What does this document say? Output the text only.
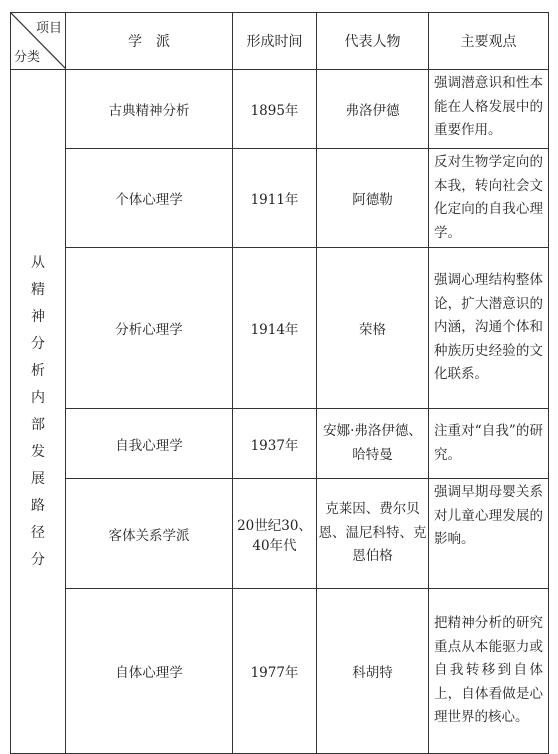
项目
分类	学　派	形成时间	代表人物	主要观点
从精神分析内部发展路径分	古典精神分析	1895年	弗洛伊德	强调潜意识和性本能在人格发展中的重要作用。
	个体心理学	1911年	阿德勒	反对生物学定向的本我，转向社会文化定向的自我心理学。
	分析心理学	1914年	荣格	强调心理结构整体论，扩大潜意识的内涵，沟通个体和种族历史经验的文化联系。
	自我心理学	1937年	安娜·弗洛伊德、哈特曼	注重对“自我”的研究。
	客体关系学派	20世纪30、40年代	克莱因、费尔贝恩、温尼科特、克恩伯格	强调早期母婴关系对儿童心理发展的影响。
	自体心理学	1977年	科胡特	把精神分析的研究重点从本能驱力或自我转移到自体上，自体看做是心理世界的核心。
